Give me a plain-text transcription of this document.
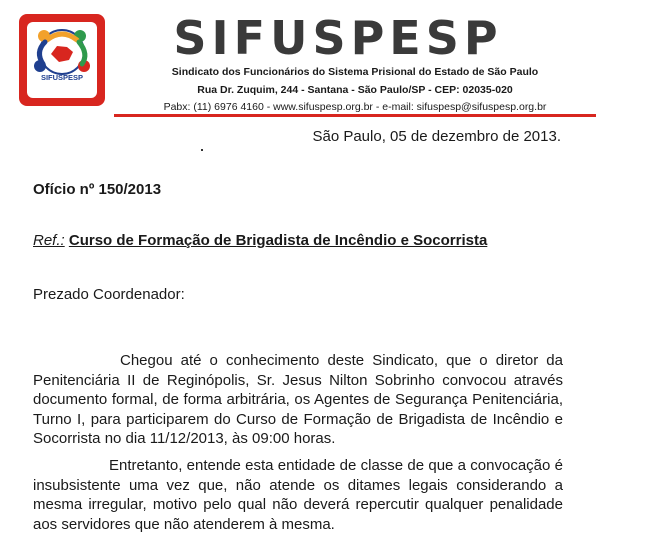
SIFUSPESP
SIFUSPESP
Sindicato dos Funcionários do Sistema Prisional do Estado de São Paulo
Rua Dr. Zuquim, 244 - Santana - São Paulo/SP - CEP: 02035-020
Pabx: (11) 6976 4160 - www.sifuspesp.org.br - e-mail: sifuspesp@sifuspesp.org.br
São Paulo, 05 de dezembro de 2013.
Ofício nº 150/2013
Ref.: Curso de Formação de Brigadista de Incêndio e Socorrista
Prezado Coordenador:

Chegou até o conhecimento deste Sindicato, que o diretor da Penitenciária II de Reginópolis, Sr. Jesus Nilton Sobrinho convocou através documento formal, de forma arbitrária, os Agentes de Segurança Penitenciária, Turno I, para participarem do Curso de Formação de Brigadista de Incêndio e Socorrista no dia 11/12/2013, às 09:00 horas.

Entretanto, entende esta entidade de classe de que a convocação é insubsistente uma vez que, não atende os ditames legais considerando a mesma irregular, motivo pelo qual não deverá repercutir qualquer penalidade aos servidores que não atenderem à mesma.
